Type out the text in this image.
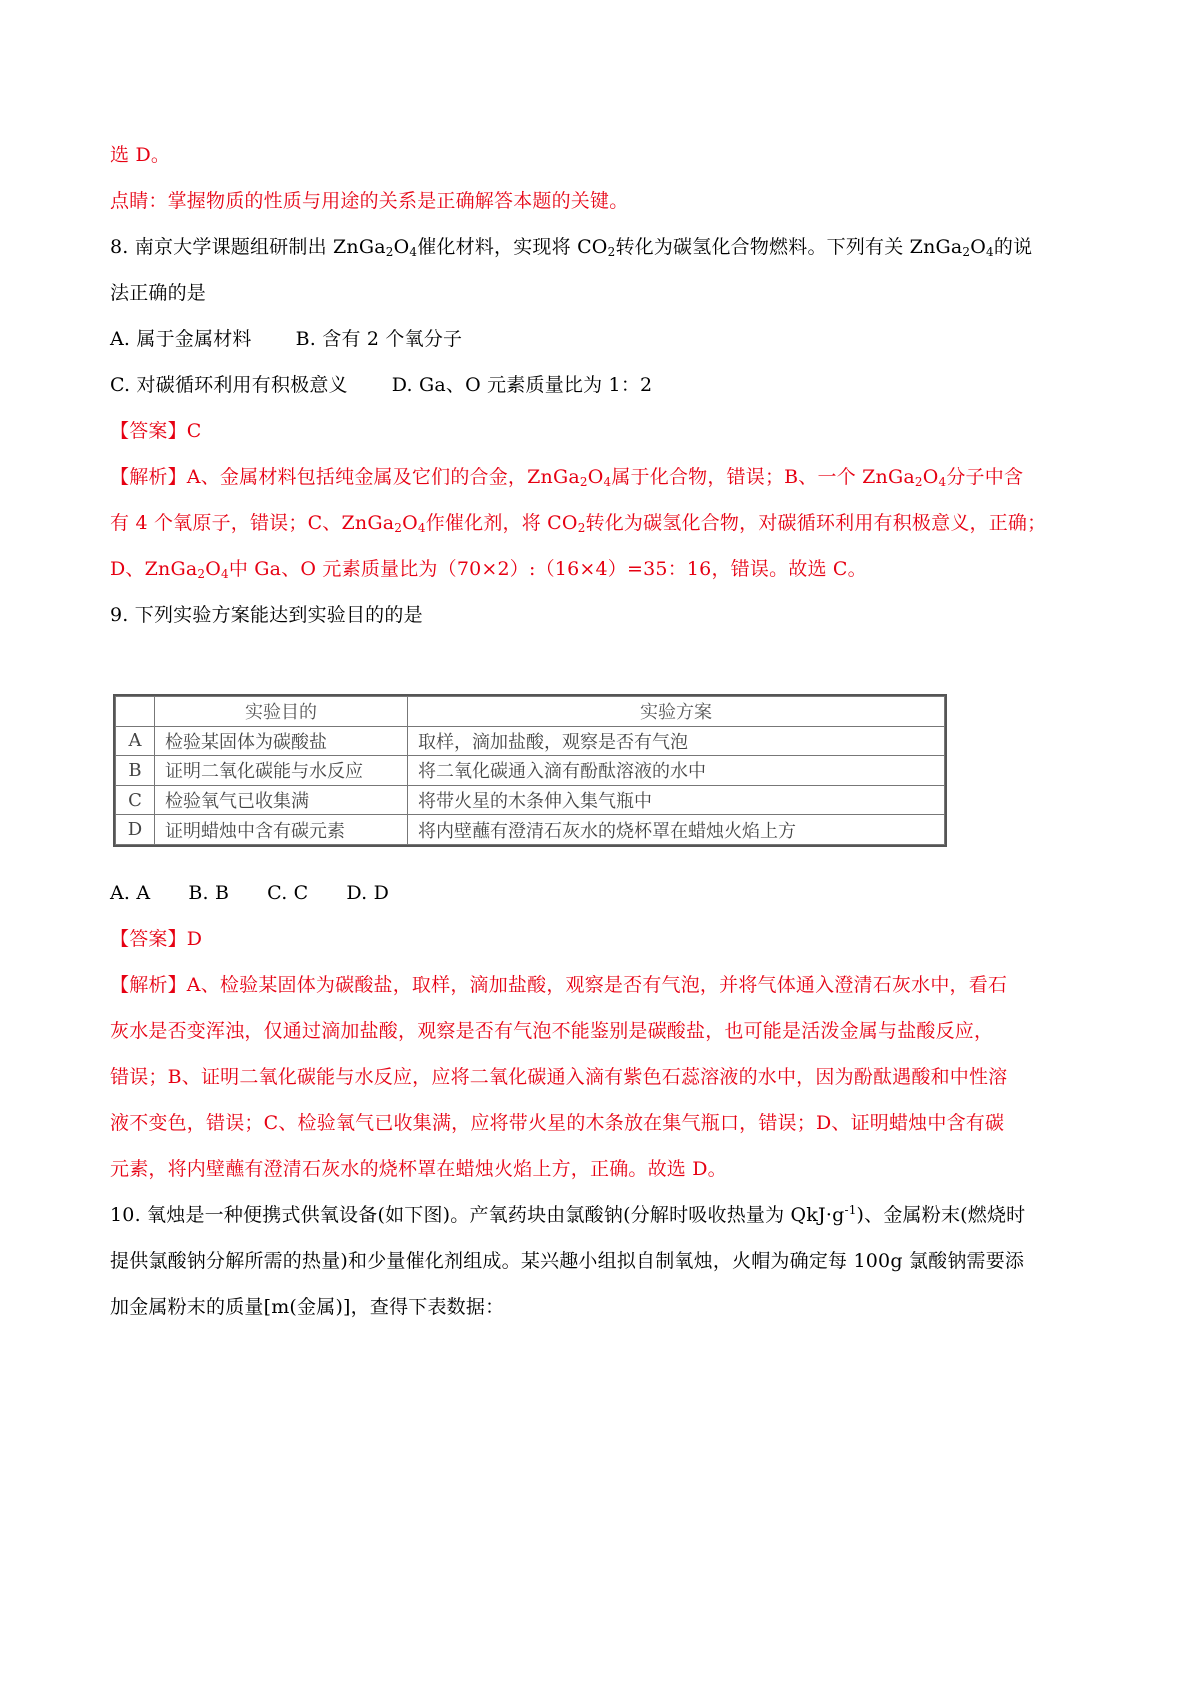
选 D。
点睛：掌握物质的性质与用途的关系是正确解答本题的关键。
8. 南京大学课题组研制出 $ZnGa_2O_4$催化材料，实现将 $CO_2$转化为碳氢化合物燃料。下列有关 $ZnGa_2O_4$的说
法正确的是
A. 属于金属材料 B. 含有 2 个氧分子
C. 对碳循环利用有积极意义 D. Ga、O 元素质量比为 1：2
【答案】C
【解析】A、金属材料包括纯金属及它们的合金，$ZnGa_2O_4$属于化合物，错误；B、一个 $ZnGa_2O_4$分子中含
有 4 个氧原子，错误；C、$ZnGa_2O_4$作催化剂，将 $CO_2$转化为碳氢化合物，对碳循环利用有积极意义，正确；
D、$ZnGa_2O_4$中 Ga、O 元素质量比为（70×2）:（16×4）=35：16，错误。故选 C。
9. 下列实验方案能达到实验目的的是
	实验目的	实验方案
A	检验某固体为碳酸盐	取样，滴加盐酸，观察是否有气泡
B	证明二氧化碳能与水反应	将二氧化碳通入滴有酚酞溶液的水中
C	检验氧气已收集满	将带火星的木条伸入集气瓶中
D	证明蜡烛中含有碳元素	将内壁蘸有澄清石灰水的烧杯罩在蜡烛火焰上方
A. A B. B C. C D. D
【答案】D
【解析】A、检验某固体为碳酸盐，取样，滴加盐酸，观察是否有气泡，并将气体通入澄清石灰水中，看石
灰水是否变浑浊，仅通过滴加盐酸，观察是否有气泡不能鉴别是碳酸盐，也可能是活泼金属与盐酸反应，
错误；B、证明二氧化碳能与水反应，应将二氧化碳通入滴有紫色石蕊溶液的水中，因为酚酞遇酸和中性溶
液不变色，错误；C、检验氧气已收集满，应将带火星的木条放在集气瓶口，错误；D、证明蜡烛中含有碳
元素，将内壁蘸有澄清石灰水的烧杯罩在蜡烛火焰上方，正确。故选 D。
10. 氧烛是一种便携式供氧设备(如下图)。产氧药块由氯酸钠(分解时吸收热量为 $QkJ\cdot g^{-1}$)、金属粉末(燃烧时
提供氯酸钠分解所需的热量)和少量催化剂组成。某兴趣小组拟自制氧烛，火帽为确定每 100g 氯酸钠需要添
加金属粉末的质量[m(金属)]，查得下表数据：
